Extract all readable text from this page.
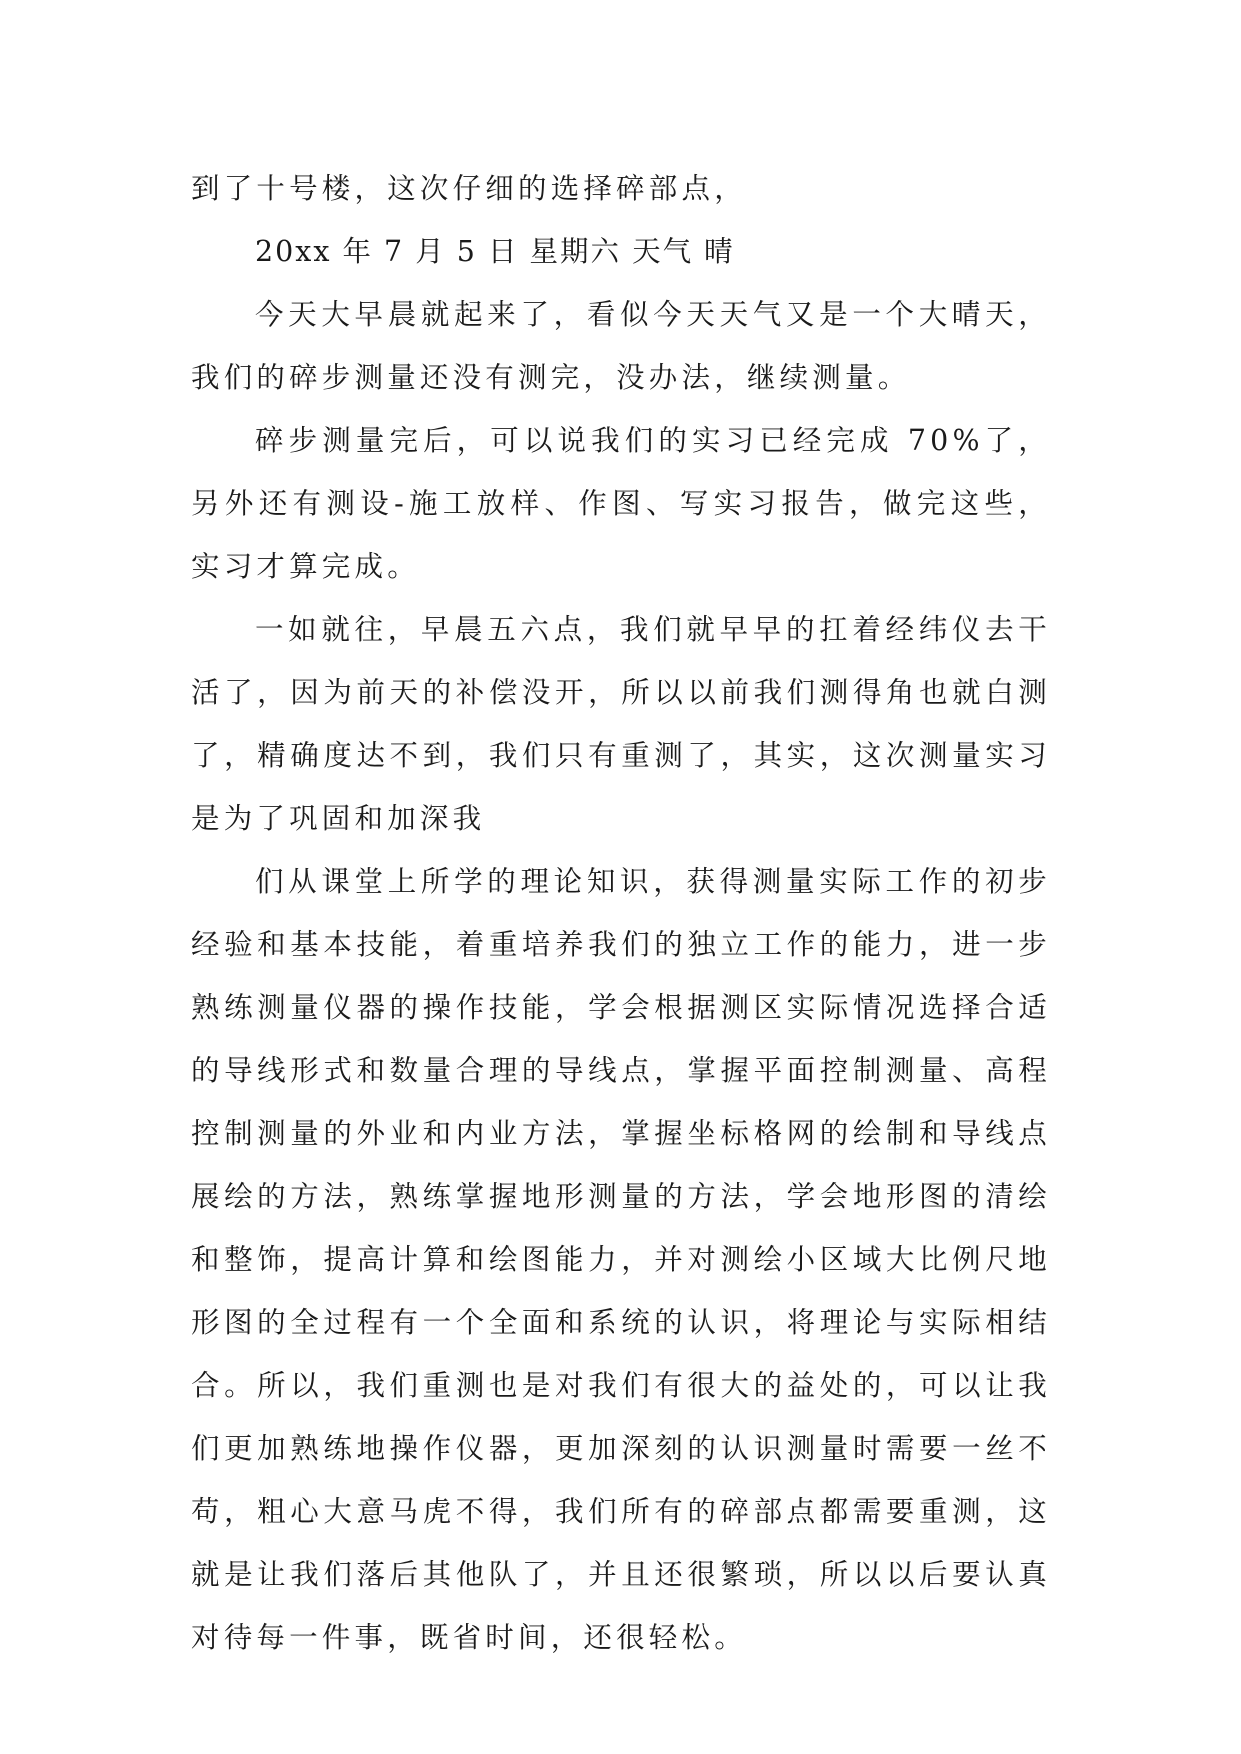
到了十号楼，这次仔细的选择碎部点，

20xx 年 7 月 5 日 星期六 天气 晴

今天大早晨就起来了，看似今天天气又是一个大晴天，我们的碎步测量还没有测完，没办法，继续测量。

碎步测量完后，可以说我们的实习已经完成 70%了，另外还有测设-施工放样、作图、写实习报告，做完这些，实习才算完成。

一如就往，早晨五六点，我们就早早的扛着经纬仪去干活了，因为前天的补偿没开，所以以前我们测得角也就白测了，精确度达不到，我们只有重测了，其实，这次测量实习是为了巩固和加深我

们从课堂上所学的理论知识，获得测量实际工作的初步经验和基本技能，着重培养我们的独立工作的能力，进一步熟练测量仪器的操作技能，学会根据测区实际情况选择合适的导线形式和数量合理的导线点，掌握平面控制测量、高程控制测量的外业和内业方法，掌握坐标格网的绘制和导线点展绘的方法，熟练掌握地形测量的方法，学会地形图的清绘和整饰，提高计算和绘图能力，并对测绘小区域大比例尺地形图的全过程有一个全面和系统的认识，将理论与实际相结合。所以，我们重测也是对我们有很大的益处的，可以让我们更加熟练地操作仪器，更加深刻的认识测量时需要一丝不苟，粗心大意马虎不得，我们所有的碎部点都需要重测，这就是让我们落后其他队了，并且还很繁琐，所以以后要认真对待每一件事，既省时间，还很轻松。
